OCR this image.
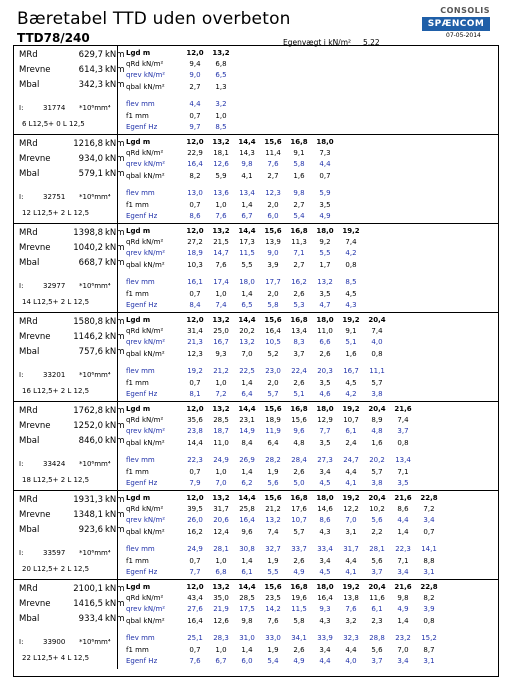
Bæretabel TTD uden overbeton
TTD78/240
CONSOLIS
SPÆNCOM
07-05-2014
Egenvægt i kN/m² 5,22
MRd	629,7 kNm
Mrevne	614,3 kNm
Mbal	342,3 kNm
I:	31774 *10⁶mm⁴
6 L12,5+ 0 L 12,5
Lgd m	12,0	13,2
qRd kN/m²	9,4	6,8
qrev kN/m²	9,0	6,5
qbal kN/m²	2,7	1,3
flev mm	4,4	3,2
f1 mm	0,7	1,0
Egenf Hz	9,7	8,5
MRd	1216,8 kNm
Mrevne	934,0 kNm
Mbal	579,1 kNm
I:	32751 *10⁶mm⁴
12 L12,5+ 2 L 12,5
Lgd m	12,0	13,2	14,4	15,6	16,8	18,0
qRd kN/m²	22,9	18,1	14,3	11,4	9,1	7,3
qrev kN/m²	16,4	12,6	9,8	7,6	5,8	4,4
qbal kN/m²	8,2	5,9	4,1	2,7	1,6	0,7
flev mm	13,0	13,6	13,4	12,3	9,8	5,9
f1 mm	0,7	1,0	1,4	2,0	2,7	3,5
Egenf Hz	8,6	7,6	6,7	6,0	5,4	4,9
MRd	1398,8 kNm
Mrevne	1040,2 kNm
Mbal	668,7 kNm
I:	32977 *10⁶mm⁴
14 L12,5+ 2 L 12,5
Lgd m	12,0	13,2	14,4	15,6	16,8	18,0	19,2
qRd kN/m²	27,2	21,5	17,3	13,9	11,3	9,2	7,4
qrev kN/m²	18,9	14,7	11,5	9,0	7,1	5,5	4,2
qbal kN/m²	10,3	7,6	5,5	3,9	2,7	1,7	0,8
flev mm	16,1	17,4	18,0	17,7	16,2	13,2	8,5
f1 mm	0,7	1,0	1,4	2,0	2,6	3,5	4,5
Egenf Hz	8,4	7,4	6,5	5,8	5,3	4,7	4,3
MRd	1580,8 kNm
Mrevne	1146,2 kNm
Mbal	757,6 kNm
I:	33201 *10⁶mm⁴
16 L12,5+ 2 L 12,5
Lgd m	12,0	13,2	14,4	15,6	16,8	18,0	19,2	20,4
qRd kN/m²	31,4	25,0	20,2	16,4	13,4	11,0	9,1	7,4
qrev kN/m²	21,3	16,7	13,2	10,5	8,3	6,6	5,1	4,0
qbal kN/m²	12,3	9,3	7,0	5,2	3,7	2,6	1,6	0,8
flev mm	19,2	21,2	22,5	23,0	22,4	20,3	16,7	11,1
f1 mm	0,7	1,0	1,4	2,0	2,6	3,5	4,5	5,7
Egenf Hz	8,1	7,2	6,4	5,7	5,1	4,6	4,2	3,8
MRd	1762,8 kNm
Mrevne	1252,0 kNm
Mbal	846,0 kNm
I:	33424 *10⁶mm⁴
18 L12,5+ 2 L 12,5
Lgd m	12,0	13,2	14,4	15,6	16,8	18,0	19,2	20,4	21,6
qRd kN/m²	35,6	28,5	23,1	18,9	15,6	12,9	10,7	8,9	7,4
qrev kN/m²	23,8	18,7	14,9	11,9	9,6	7,7	6,1	4,8	3,7
qbal kN/m²	14,4	11,0	8,4	6,4	4,8	3,5	2,4	1,6	0,8
flev mm	22,3	24,9	26,9	28,2	28,4	27,3	24,7	20,2	13,4
f1 mm	0,7	1,0	1,4	1,9	2,6	3,4	4,4	5,7	7,1
Egenf Hz	7,9	7,0	6,2	5,6	5,0	4,5	4,1	3,8	3,5
MRd	1931,3 kNm
Mrevne	1348,1 kNm
Mbal	923,6 kNm
I:	33597 *10⁶mm⁴
20 L12,5+ 2 L 12,5
Lgd m	12,0	13,2	14,4	15,6	16,8	18,0	19,2	20,4	21,6	22,8
qRd kN/m²	39,5	31,7	25,8	21,2	17,6	14,6	12,2	10,2	8,6	7,2
qrev kN/m²	26,0	20,6	16,4	13,2	10,7	8,6	7,0	5,6	4,4	3,4
qbal kN/m²	16,2	12,4	9,6	7,4	5,7	4,3	3,1	2,2	1,4	0,7
flev mm	24,9	28,1	30,8	32,7	33,7	33,4	31,7	28,1	22,3	14,1
f1 mm	0,7	1,0	1,4	1,9	2,6	3,4	4,4	5,6	7,1	8,8
Egenf Hz	7,7	6,8	6,1	5,5	4,9	4,5	4,1	3,7	3,4	3,1
MRd	2100,1 kNm
Mrevne	1416,5 kNm
Mbal	933,4 kNm
I:	33900 *10⁶mm⁴
22 L12,5+ 4 L 12,5
Lgd m	12,0	13,2	14,4	15,6	16,8	18,0	19,2	20,4	21,6	22,8
qRd kN/m²	43,4	35,0	28,5	23,5	19,6	16,4	13,8	11,6	9,8	8,2
qrev kN/m²	27,6	21,9	17,5	14,2	11,5	9,3	7,6	6,1	4,9	3,9
qbal kN/m²	16,4	12,6	9,8	7,6	5,8	4,3	3,2	2,3	1,4	0,8
flev mm	25,1	28,3	31,0	33,0	34,1	33,9	32,3	28,8	23,2	15,2
f1 mm	0,7	1,0	1,4	1,9	2,6	3,4	4,4	5,6	7,0	8,7
Egenf Hz	7,6	6,7	6,0	5,4	4,9	4,4	4,0	3,7	3,4	3,1
